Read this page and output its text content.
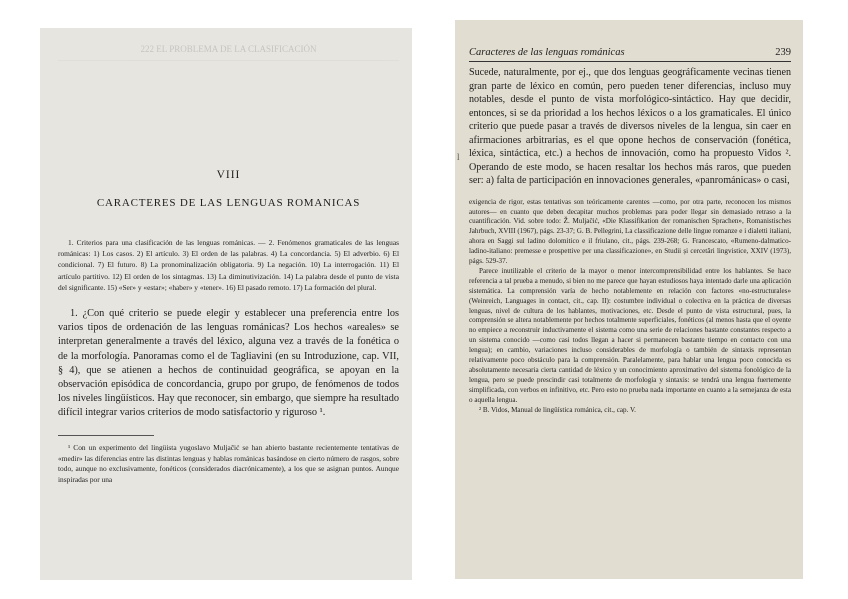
222 EL PROBLEMA DE LA CLASIFICACIÓN
VIII
CARACTERES DE LAS LENGUAS ROMANICAS

1. Criterios para una clasificación de las lenguas románicas. — 2. Fenómenos gramaticales de las lenguas románicas: 1) Los casos. 2) El artículo. 3) El orden de las palabras. 4) La concordancia. 5) El adverbio. 6) El condicional. 7) El futuro. 8) La pronominalización obligatoria. 9) La negación. 10) La interrogación. 11) El artículo partitivo. 12) El orden de los sintagmas. 13) La diminutivización. 14) La palabra desde el punto de vista del significante. 15) «Ser» y «estar»; «haber» y «tener». 16) El pasado remoto. 17) La formación del plural.

1. ¿Con qué criterio se puede elegir y establecer una preferencia entre los varios tipos de ordenación de las lenguas románicas? Los hechos «areales» se interpretan generalmente a través del léxico, alguna vez a través de la fonética o de la morfología. Panoramas como el de Tagliavini (en su Introduzione, cap. VII, § 4), que se atienen a hechos de continuidad geográfica, se apoyan en la observación episódica de concordancia, grupo por grupo, de fenómenos de todos los niveles lingüísticos. Hay que reconocer, sin embargo, que siempre ha resultado difícil integrar varios criterios de modo satisfactorio y riguroso ¹.

¹ Con un experimento del lingüista yugoslavo Muljačić se han abierto bastante recientemente tentativas de «medir» las diferencias entre las distintas lenguas y hablas románicas basándose en cierto número de rasgos, sobre todo, aunque no exclusivamente, fonéticos (considerados diacrónicamente), a los que se asignan puntos. Aunque inspiradas por una

Caracteres de las lenguas románicas	239
l

Sucede, naturalmente, por ej., que dos lenguas geográficamente vecinas tienen gran parte de léxico en común, pero pueden tener diferencias, incluso muy notables, desde el punto de vista morfológico-sintáctico. Hay que decidir, entonces, si se da prioridad a los hechos léxicos o a los gramaticales. El único criterio que puede pasar a través de diversos niveles de la lengua, sin caer en afirmaciones arbitrarias, es el que opone hechos de conservación (fonética, léxica, sintáctica, etc.) a hechos de innovación, como ha propuesto Vidos ². Operando de este modo, se hacen resaltar los hechos más raros, que pueden ser: a) falta de participación en innovaciones generales, «panrománicas» o casi,

exigencia de rigor, estas tentativas son teóricamente carentes —como, por otra parte, reconocen los mismos autores— en cuanto que deben decapitar muchos problemas para poder llegar sin demasiado retraso a la cuantificación. Vid. sobre todo: Ž. Muljačić, «Die Klassifikation der romanischen Sprachen», Romanistisches Jahrbuch, XVIII (1967), págs. 23-37; G. B. Pellegrini, La classificazione delle lingue romanze e i dialetti italiani, ahora en Saggi sul ladino dolomitico e il friulano, cit., págs. 239-268; G. Francescato, «Rumeno-dalmatico-ladino-italiano: premesse e prospettive per una classificazione», en Studii și cercetări lingvistice, XXIV (1973), págs. 529-37.

Parece inutilizable el criterio de la mayor o menor intercomprensibilidad entre los hablantes. Se hace referencia a tal prueba a menudo, si bien no me parece que hayan estudiosos haya intentado darle una aplicación sistemática. La comprensión varía de hecho notablemente en relación con factores «no-estructurales» (Weinreich, Languages in contact, cit., cap. II): costumbre individual o colectiva en la práctica de diversas lenguas, nivel de cultura de los hablantes, motivaciones, etc. Desde el punto de vista estructural, pues, la comprensión se altera notablemente por hechos totalmente superficiales, fonéticos (al menos hasta que el oyente no empiece a reconstruir inductivamente el sistema como una serie de relaciones bastante constantes respecto a un sistema conocido —como casi todos llegan a hacer si permanecen bastante tiempo en contacto con una lengua); en cambio, variaciones incluso considerables de morfología o también de sintaxis representan relativamente poco obstáculo para la comprensión. Paralelamente, para hablar una lengua poco conocida es absolutamente necesaria cierta cantidad de léxico y un conocimiento aproximativo del sistema fonológico de la lengua, pero se puede prescindir casi totalmente de morfología y sintaxis: se tendrá una lengua fuertemente simplificada, con verbos en infinitivo, etc. Pero esto no prueba nada importante en cuanto a la semejanza de esta o aquella lengua.

² B. Vidos, Manual de lingüística románica, cit., cap. V.
